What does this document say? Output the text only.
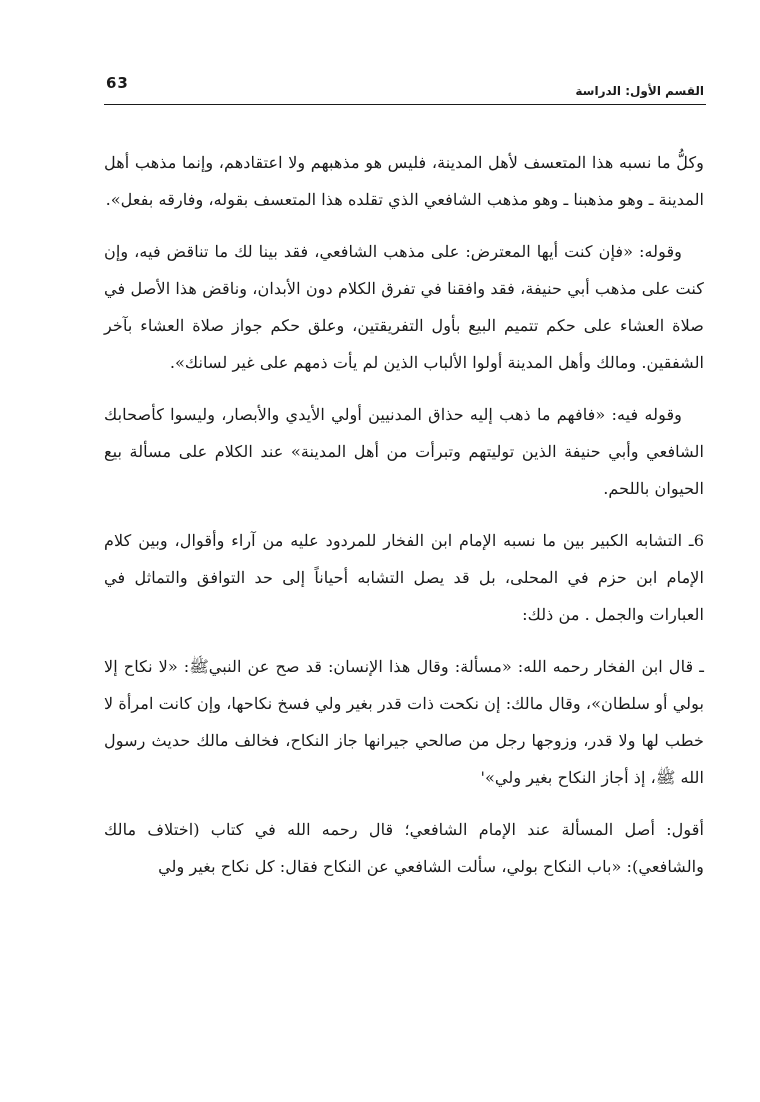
63	القسم الأول: الدراسة

وكلُّ ما نسبه هذا المتعسف لأهل المدينة، فليس هو مذهبهم ولا اعتقادهم، وإنما مذهب أهل المدينة ـ وهو مذهبنا ـ وهو مذهب الشافعي الذي تقلده هذا المتعسف بقوله، وفارقه بفعل».

وقوله: «فإن كنت أيها المعترض: على مذهب الشافعي، فقد بينا لك ما تناقض فيه، وإن كنت على مذهب أبي حنيفة، فقد وافقنا في تفرق الكلام دون الأبدان، وناقض هذا الأصل في صلاة العشاء على حكم تتميم البيع بأول التفريقتين، وعلق حكم جواز صلاة العشاء بآخر الشفقين. ومالك وأهل المدينة أولوا الألباب الذين لم يأت ذمهم على غير لسانك».

وقوله فيه: «فافهم ما ذهب إليه حذاق المدنيين أولي الأيدي والأبصار، وليسوا كأصحابك الشافعي وأبي حنيفة الذين توليتهم وتبرأت من أهل المدينة» عند الكلام على مسألة بيع الحيوان باللحم.

6ـ التشابه الكبير بين ما نسبه الإمام ابن الفخار للمردود عليه من آراء وأقوال، وبين كلام الإمام ابن حزم في المحلى، بل قد يصل التشابه أحياناً إلى حد التوافق والتماثل في العبارات والجمل . من ذلك:

ـ قال ابن الفخار رحمه الله: «مسألة: وقال هذا الإنسان: قد صح عن النبيﷺ: «لا نكاح إلا بولي أو سلطان»، وقال مالك: إن نكحت ذات قدر بغير ولي فسخ نكاحها، وإن كانت امرأة لا خطب لها ولا قدر، وزوجها رجل من صالحي جيرانها جاز النكاح، فخالف مالك حديث رسول الله ﷺ، إذ أجاز النكاح بغير ولي»'

أقول: أصل المسألة عند الإمام الشافعي؛ قال رحمه الله في كتاب (اختلاف مالك والشافعي): «باب النكاح بولي، سألت الشافعي عن النكاح فقال: كل نكاح بغير ولي
